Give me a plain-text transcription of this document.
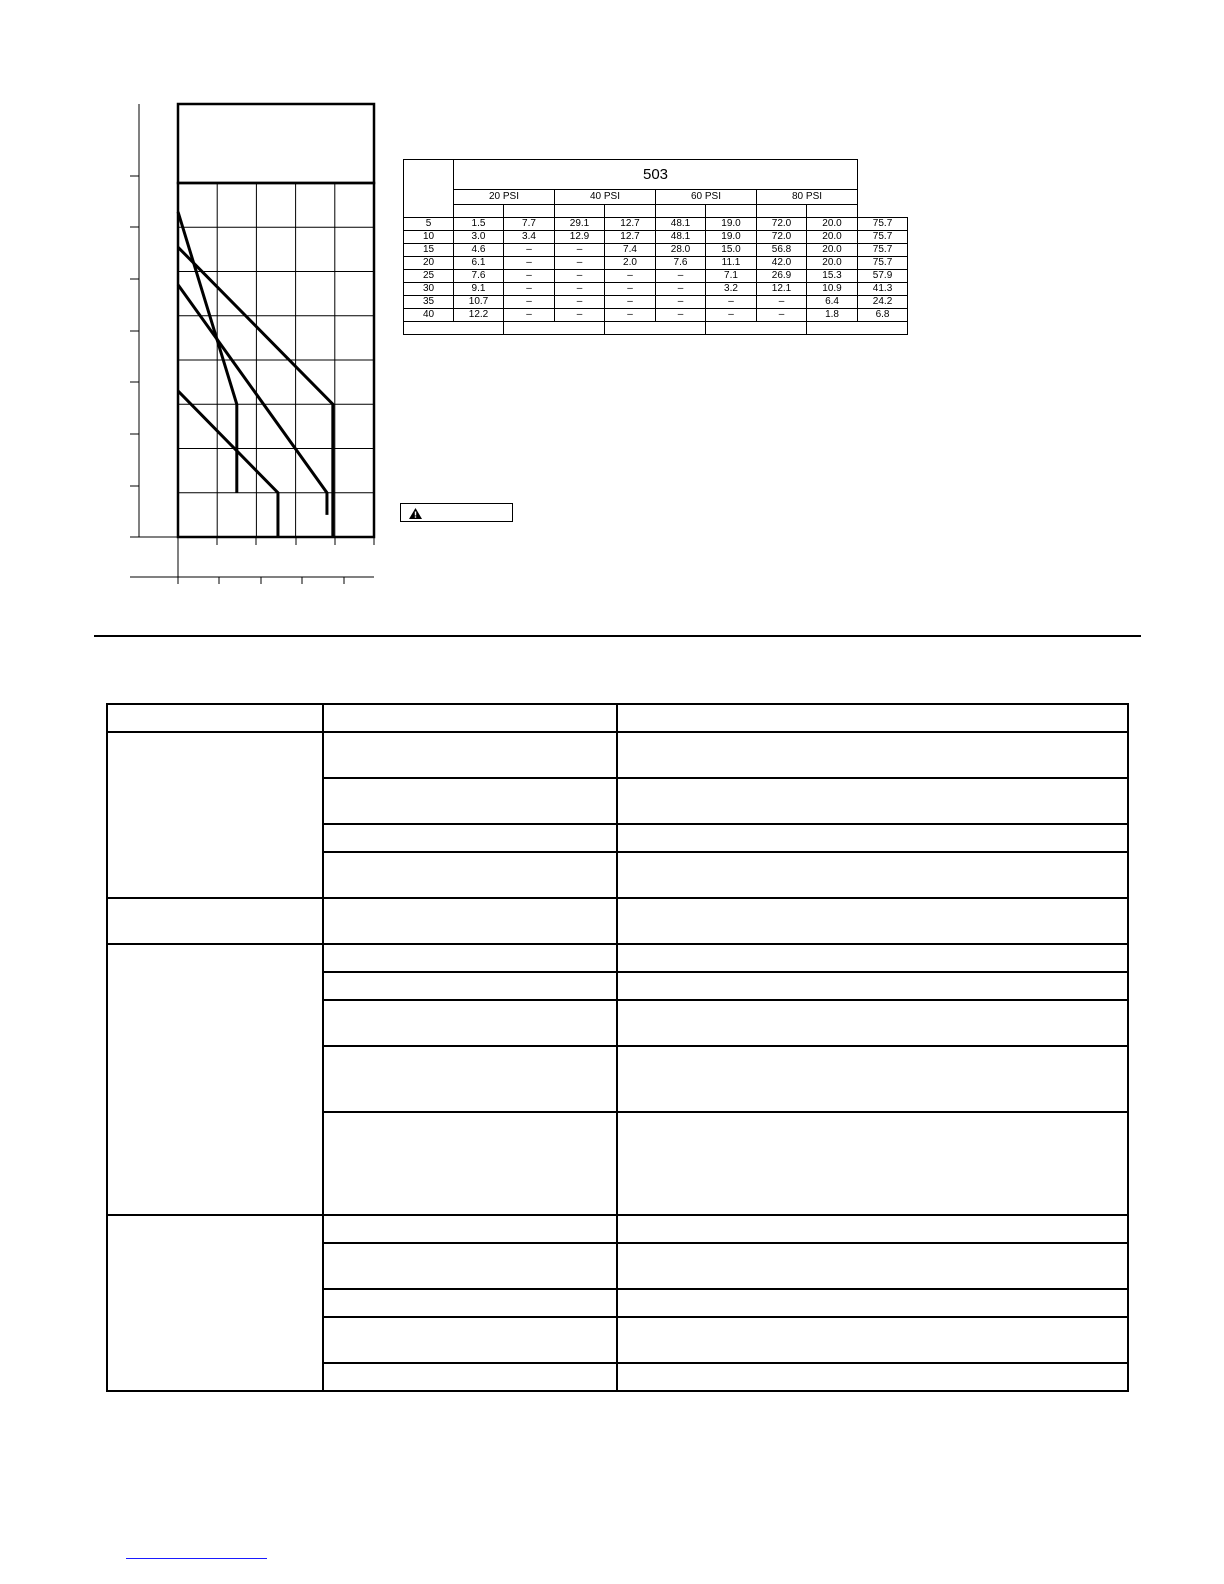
	503								
	20 PSI		40 PSI		60 PSI		80 PSI		

5	1.5	7.7	29.1	12.7	48.1	19.0	72.0	20.0	75.7
10	3.0	3.4	12.9	12.7	48.1	19.0	72.0	20.0	75.7
15	4.6	–	–	7.4	28.0	15.0	56.8	20.0	75.7
20	6.1	–	–	2.0	7.6	11.1	42.0	20.0	75.7
25	7.6	–	–	–	–	7.1	26.9	15.3	57.9
30	9.1	–	–	–	–	3.2	12.1	10.9	41.3
35	10.7	–	–	–	–	–	–	6.4	24.2
40	12.2	–	–	–	–	–	–	1.8	6.8
